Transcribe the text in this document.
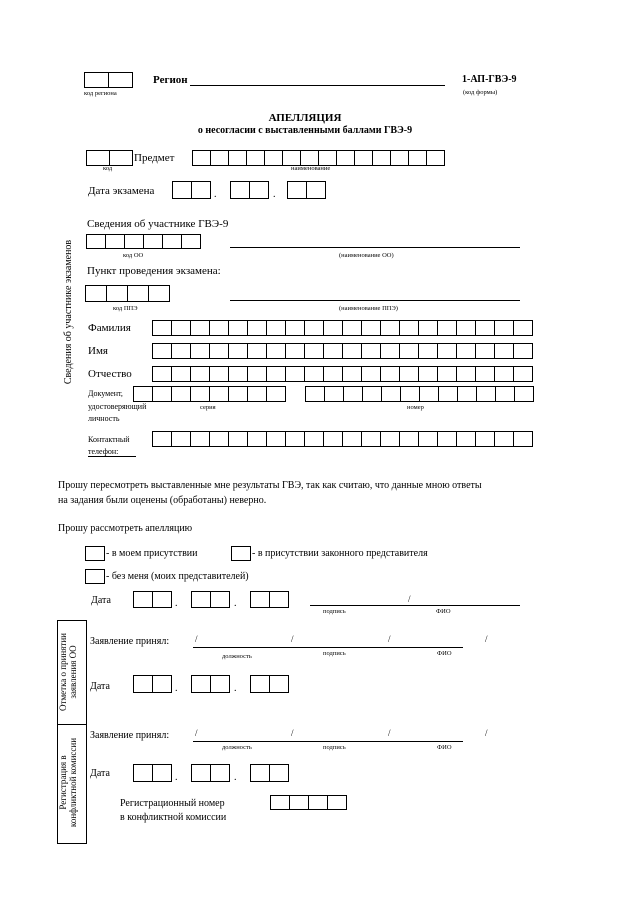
код региона
Регион	1-АП-ГВЭ-9
(код формы)
АПЕЛЛЯЦИЯ
о несогласии с выставленными баллами ГВЭ-9
код
Предмет
наименование
Дата экзамена	.	.
Сведения об участнике экзаменов
Сведения об участнике ГВЭ-9
код ОО	(наименование ОО)
Пункт проведения экзамена:
код ППЭ	(наименование ППЭ)
Фамилия
Имя
Отчество
Документ,
удостоверяющий
личность
серия	номер
Контактный
телефон:
Прошу пересмотреть выставленные мне результаты ГВЭ, так как считаю, что данные мною ответы
на задания были оценены (обработаны) неверно.
Прошу рассмотреть апелляцию
- в моем присутствии	- в присутствии законного представителя
- без меня (моих представителей)
Дата	.	.	/
подпись	ФИО
Отметка о принятии
заявления ОО
Заявление принял:	/	/	/	/
должность	подпись	ФИО
Дата	.	.
Регистрация в
конфликтной комиссии
Заявление принял:	/	/	/	/
должность	подпись	ФИО
Дата	.	.
Регистрационный номер
в конфликтной комиссии
